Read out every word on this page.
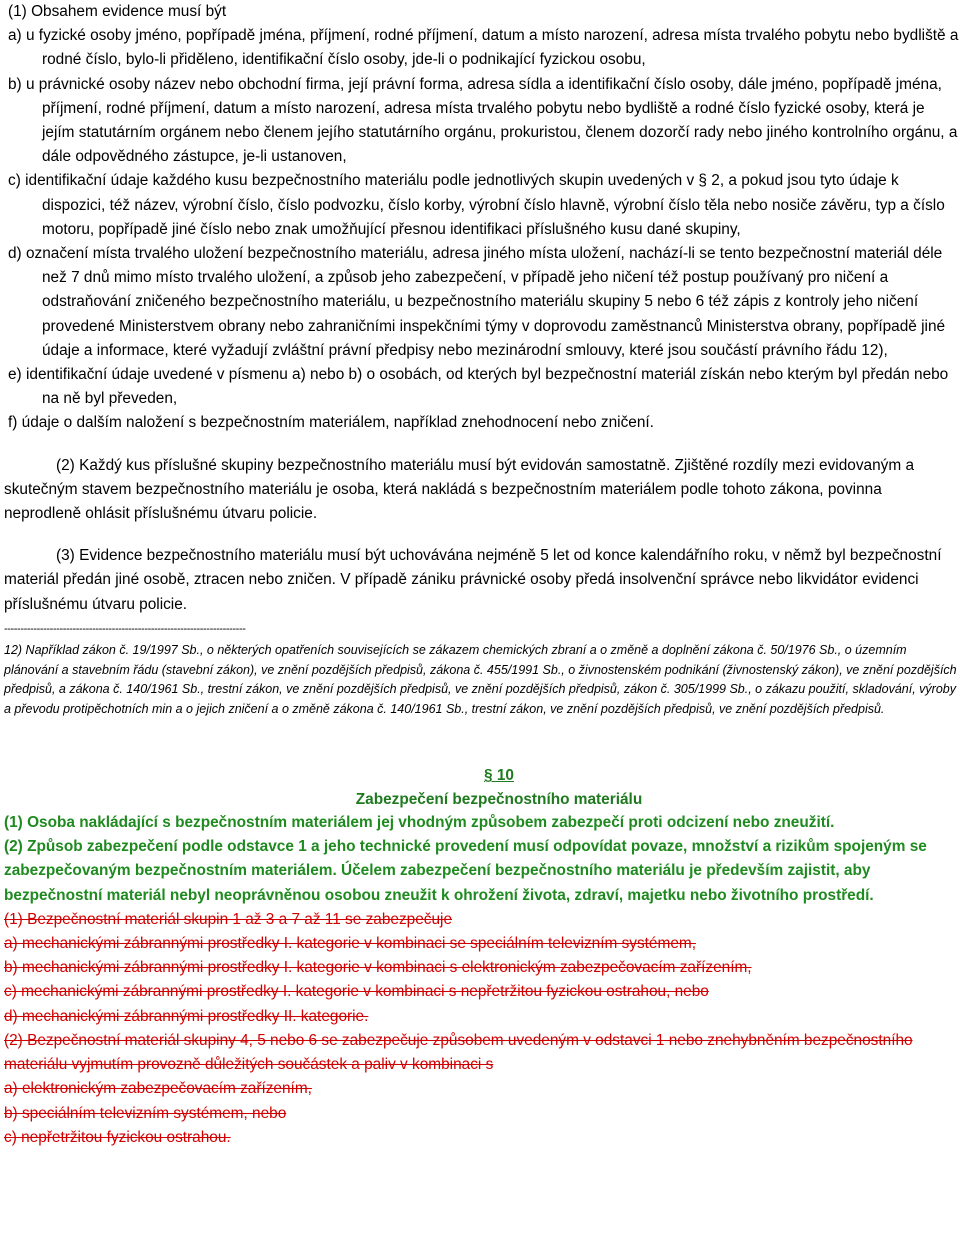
(1) Obsahem evidence musí být

a) u fyzické osoby jméno, popřípadě jména, příjmení, rodné příjmení, datum a místo narození, adresa místa trvalého pobytu nebo bydliště a rodné číslo, bylo-li přiděleno, identifikační číslo osoby, jde-li o podnikající fyzickou osobu,

b) u právnické osoby název nebo obchodní firma, její právní forma, adresa sídla a identifikační číslo osoby, dále jméno, popřípadě jména, příjmení, rodné příjmení, datum a místo narození, adresa místa trvalého pobytu nebo bydliště a rodné číslo fyzické osoby, která je jejím statutárním orgánem nebo členem jejího statutárního orgánu, prokuristou, členem dozorčí rady nebo jiného kontrolního orgánu, a dále odpovědného zástupce, je-li ustanoven,

c) identifikační údaje každého kusu bezpečnostního materiálu podle jednotlivých skupin uvedených v § 2, a pokud jsou tyto údaje k dispozici, též název, výrobní číslo, číslo podvozku, číslo korby, výrobní číslo hlavně, výrobní číslo těla nebo nosiče závěru, typ a číslo motoru, popřípadě jiné číslo nebo znak umožňující přesnou identifikaci příslušného kusu dané skupiny,

d) označení místa trvalého uložení bezpečnostního materiálu, adresa jiného místa uložení, nachází-li se tento bezpečnostní materiál déle než 7 dnů mimo místo trvalého uložení, a způsob jeho zabezpečení, v případě jeho ničení též postup používaný pro ničení a odstraňování zničeného bezpečnostního materiálu, u bezpečnostního materiálu skupiny 5 nebo 6 též zápis z kontroly jeho ničení provedené Ministerstvem obrany nebo zahraničními inspekčními týmy v doprovodu zaměstnanců Ministerstva obrany, popřípadě jiné údaje a informace, které vyžadují zvláštní právní předpisy nebo mezinárodní smlouvy, které jsou součástí právního řádu 12),

e) identifikační údaje uvedené v písmenu a) nebo b) o osobách, od kterých byl bezpečnostní materiál získán nebo kterým byl předán nebo na ně byl převeden,

f) údaje o dalším naložení s bezpečnostním materiálem, například znehodnocení nebo zničení.

(2) Každý kus příslušné skupiny bezpečnostního materiálu musí být evidován samostatně. Zjištěné rozdíly mezi evidovaným a skutečným stavem bezpečnostního materiálu je osoba, která nakládá s bezpečnostním materiálem podle tohoto zákona, povinna neprodleně ohlásit příslušnému útvaru policie.

(3) Evidence bezpečnostního materiálu musí být uchovávána nejméně 5 let od konce kalendářního roku, v němž byl bezpečnostní materiál předán jiné osobě, ztracen nebo zničen. V případě zániku právnické osoby předá insolvenční správce nebo likvidátor evidenci příslušnému útvaru policie.

--------------------------------------------------------------------------

12) Například zákon č. 19/1997 Sb., o některých opatřeních souvisejících se zákazem chemických zbraní a o změně a doplnění zákona č. 50/1976 Sb., o územním plánování a stavebním řádu (stavební zákon), ve znění pozdějších předpisů, zákona č. 455/1991 Sb., o živnostenském podnikání (živnostenský zákon), ve znění pozdějších předpisů, a zákona č. 140/1961 Sb., trestní zákon, ve znění pozdějších předpisů, ve znění pozdějších předpisů, zákon č. 305/1999 Sb., o zákazu použití, skladování, výroby a převodu protipěchotních min a o jejich zničení a o změně zákona č. 140/1961 Sb., trestní zákon, ve znění pozdějších předpisů, ve znění pozdějších předpisů.

§ 10
Zabezpečení bezpečnostního materiálu

(1) Osoba nakládající s bezpečnostním materiálem jej vhodným způsobem zabezpečí proti odcizení nebo zneužití.

(2) Způsob zabezpečení podle odstavce 1 a jeho technické provedení musí odpovídat povaze, množství a rizikům spojeným se zabezpečovaným bezpečnostním materiálem. Účelem zabezpečení bezpečnostního materiálu je především zajistit, aby bezpečnostní materiál nebyl neoprávněnou osobou zneužit k ohrožení života, zdraví, majetku nebo životního prostředí.

(1) Bezpečnostní materiál skupin 1 až 3 a 7 až 11 se zabezpečuje

a) mechanickými zábrannými prostředky I. kategorie v kombinaci se speciálním televizním systémem,

b) mechanickými zábrannými prostředky I. kategorie v kombinaci s elektronickým zabezpečovacím zařízením,

c) mechanickými zábrannými prostředky I. kategorie v kombinaci s nepřetržitou fyzickou ostrahou, nebo

d) mechanickými zábrannými prostředky II. kategorie.

(2) Bezpečnostní materiál skupiny 4, 5 nebo 6 se zabezpečuje způsobem uvedeným v odstavci 1 nebo znehybněním bezpečnostního materiálu vyjmutím provozně důležitých součástek a paliv v kombinaci s

a) elektronickým zabezpečovacím zařízením,

b) speciálním televizním systémem, nebo

c) nepřetržitou fyzickou ostrahou.
